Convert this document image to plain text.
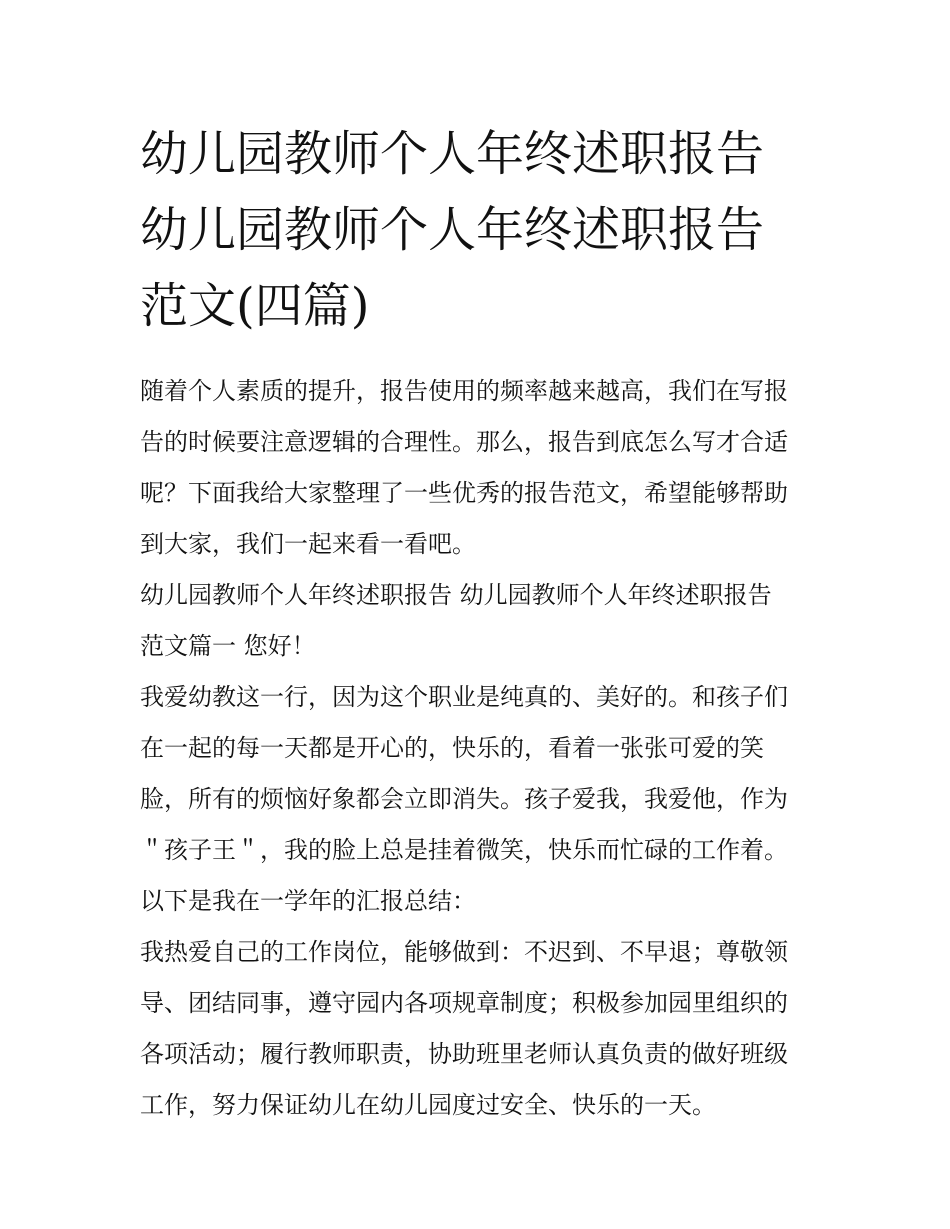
幼儿园教师个人年终述职报告
幼儿园教师个人年终述职报告
范文(四篇)

随着个人素质的提升，报告使用的频率越来越高，我们在写报
告的时候要注意逻辑的合理性。那么，报告到底怎么写才合适
呢？下面我给大家整理了一些优秀的报告范文，希望能够帮助
到大家，我们一起来看一看吧。

幼儿园教师个人年终述职报告 幼儿园教师个人年终述职报告
范文篇一 您好！

我爱幼教这一行，因为这个职业是纯真的、美好的。和孩子们
在一起的每一天都是开心的，快乐的，看着一张张可爱的笑
脸，所有的烦恼好象都会立即消失。孩子爱我，我爱他，作为
＂孩子王＂，我的脸上总是挂着微笑，快乐而忙碌的工作着。

以下是我在一学年的汇报总结：

我热爱自己的工作岗位，能够做到：不迟到、不早退；尊敬领
导、团结同事，遵守园内各项规章制度；积极参加园里组织的
各项活动；履行教师职责，协助班里老师认真负责的做好班级
工作，努力保证幼儿在幼儿园度过安全、快乐的一天。
